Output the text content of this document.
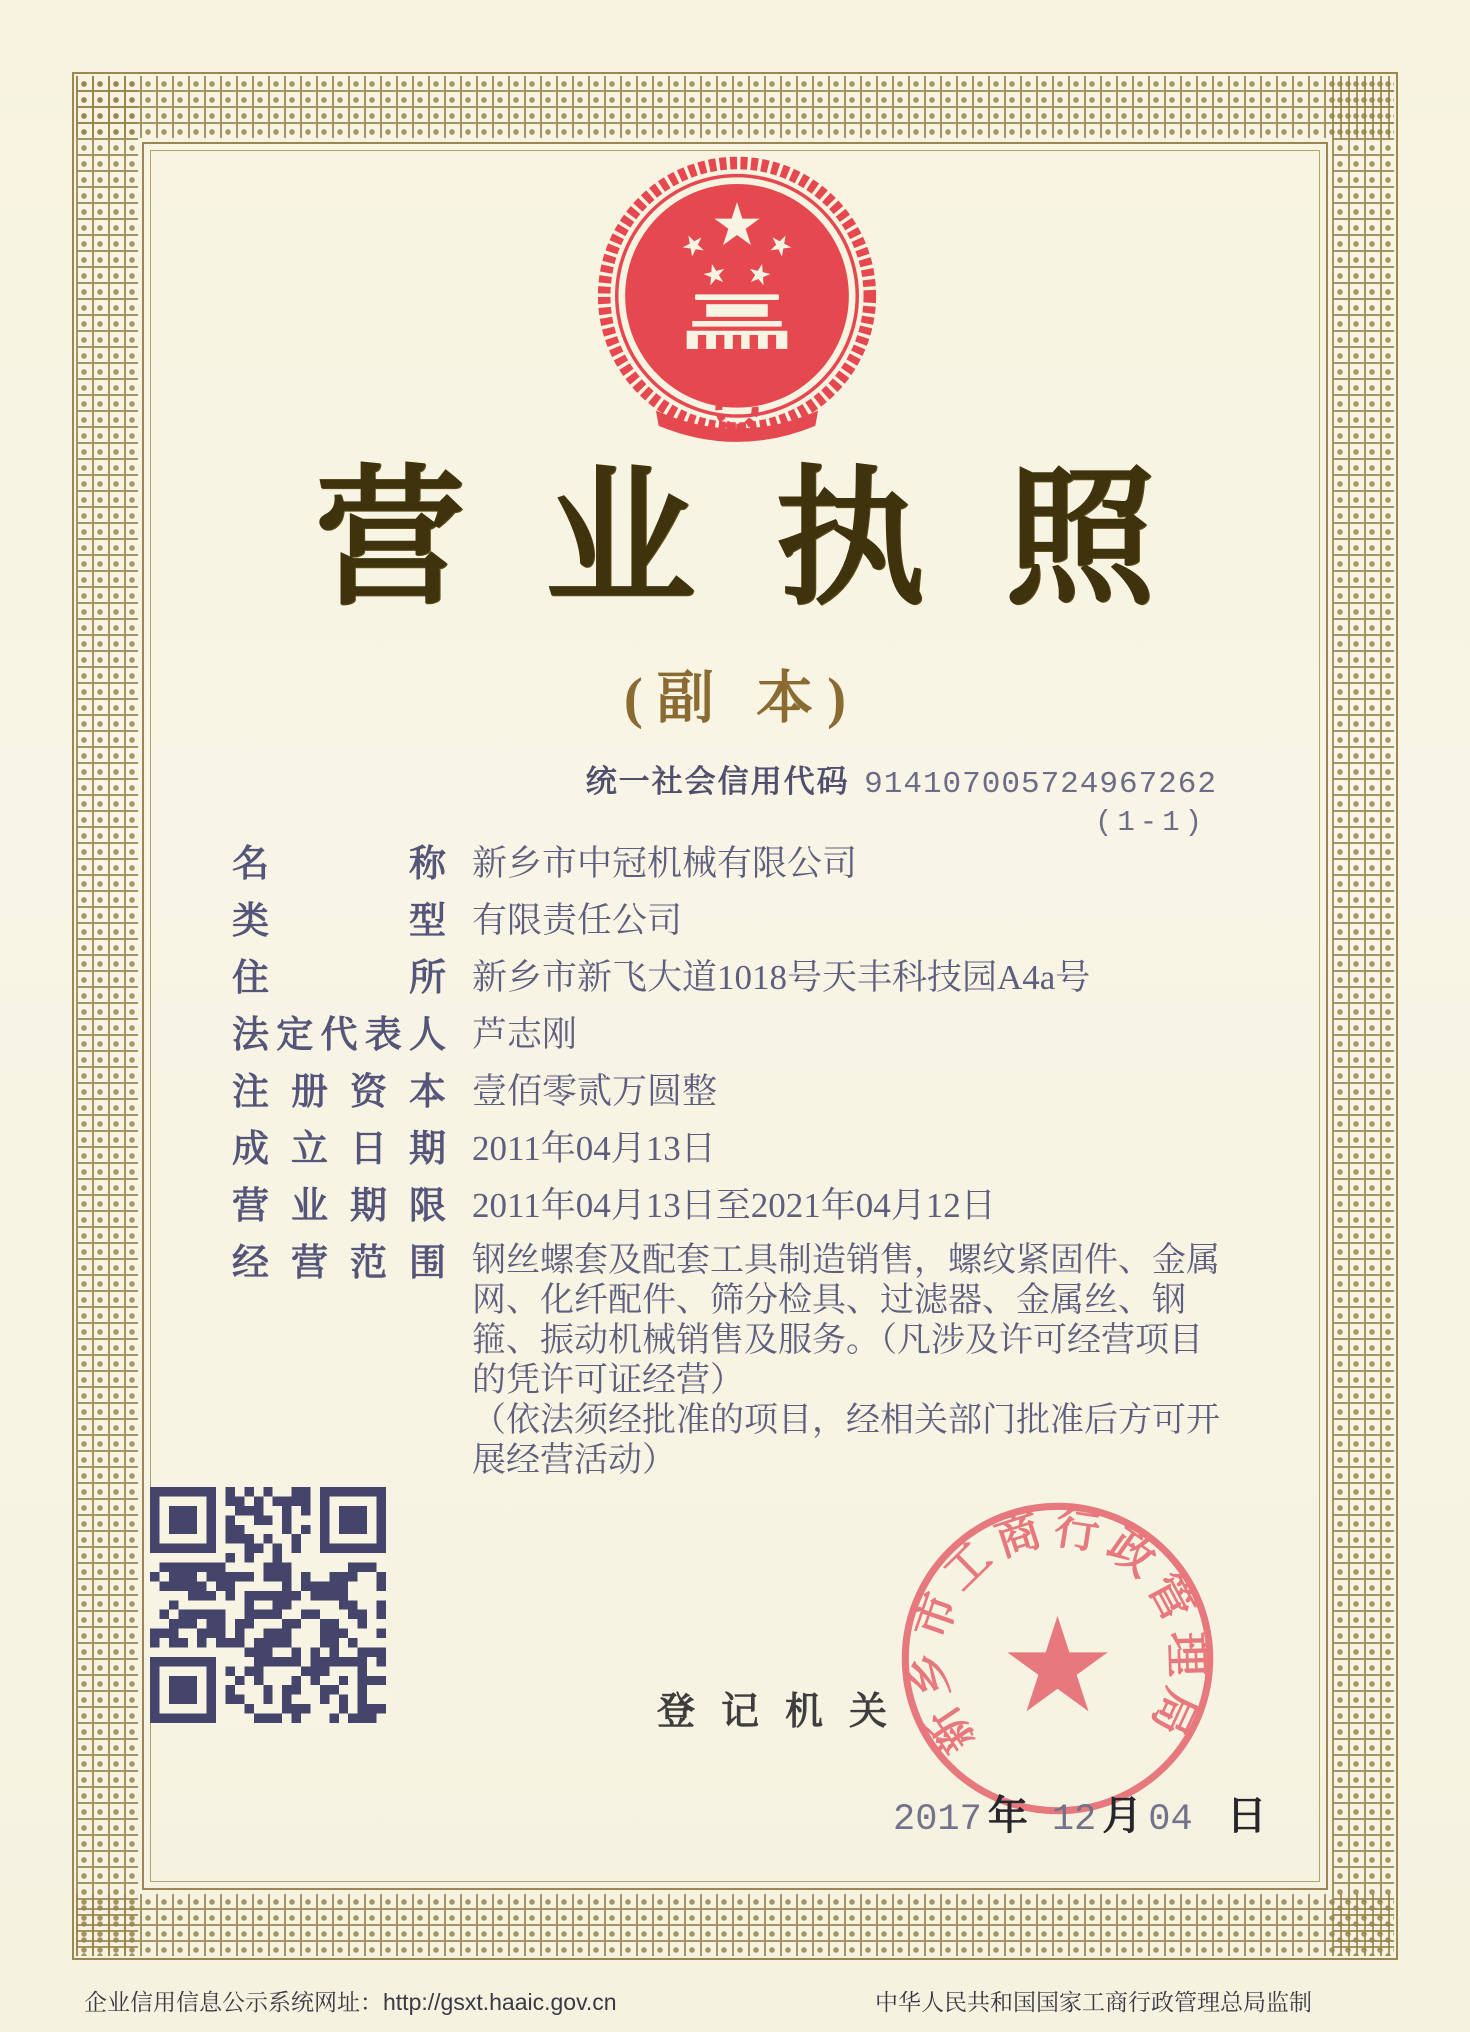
营业执照
(副 本)
统一社会信用代码 914107005724967262
(1-1)
名	称 新乡市中冠机械有限公司
类	型 有限责任公司
住	所 新乡市新飞大道1018号天丰科技园A4a号
法 定 代 表 人 芦志刚
注 册 资 本 壹佰零贰万圆整
成 立 日 期 2011年04月13日
营 业 期 限 2011年04月13日至2021年04月12日
经 营 范 围 钢丝螺套及配套工具制造销售，螺纹紧固件、金属
网、化纤配件、筛分检具、过滤器、金属丝、钢
箍、振动机械销售及服务。（凡涉及许可经营项目
的凭许可证经营）
（依法须经批准的项目，经相关部门批准后方可开
展经营活动）
登记机关 新乡市工商行政管理局
2017 年 12 月 04 日
企业信用信息公示系统网址：http://gsxt.haaic.gov.cn	中华人民共和国国家工商行政管理总局监制
